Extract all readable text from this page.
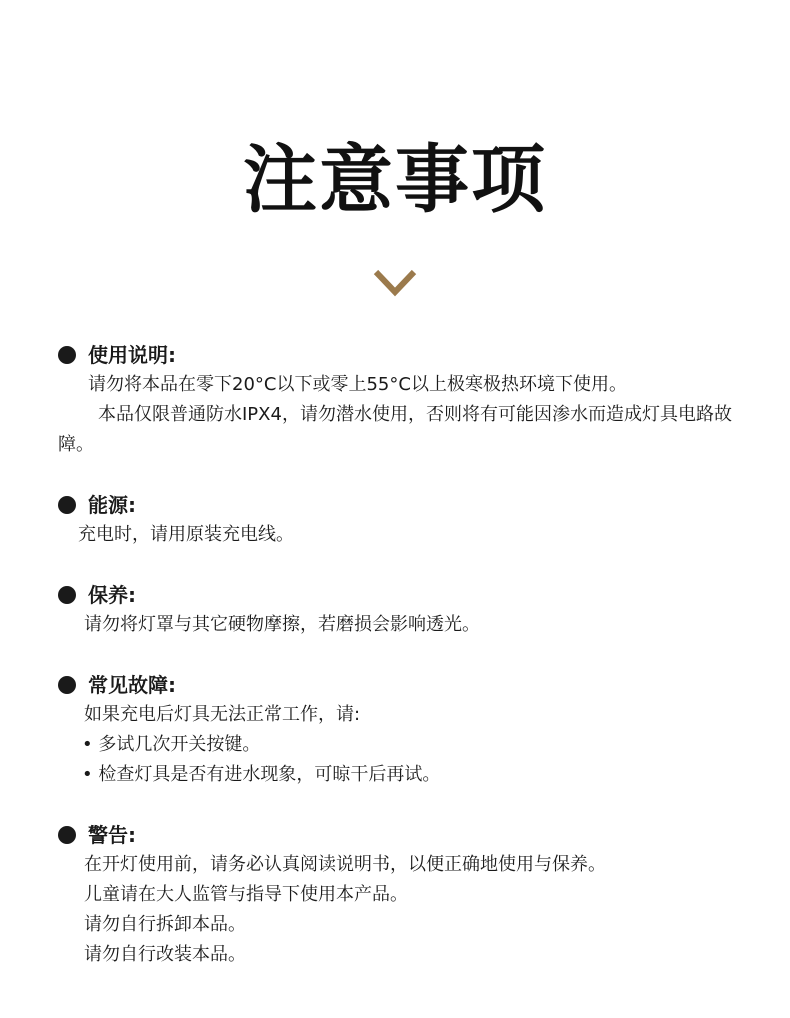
注意事项
使用说明:
请勿将本品在零下20°C以下或零上55°C以上极寒极热环境下使用。
本品仅限普通防水IPX4，请勿潜水使用，否则将有可能因渗水而造成灯具电路故障。
能源:
充电时，请用原装充电线。
保养:
请勿将灯罩与其它硬物摩擦，若磨损会影响透光。
常见故障:
如果充电后灯具无法正常工作，请:
• 多试几次开关按键。
• 检查灯具是否有进水现象，可晾干后再试。
警告:
在开灯使用前，请务必认真阅读说明书，以便正确地使用与保养。
儿童请在大人监管与指导下使用本产品。
请勿自行拆卸本品。
请勿自行改装本品。
